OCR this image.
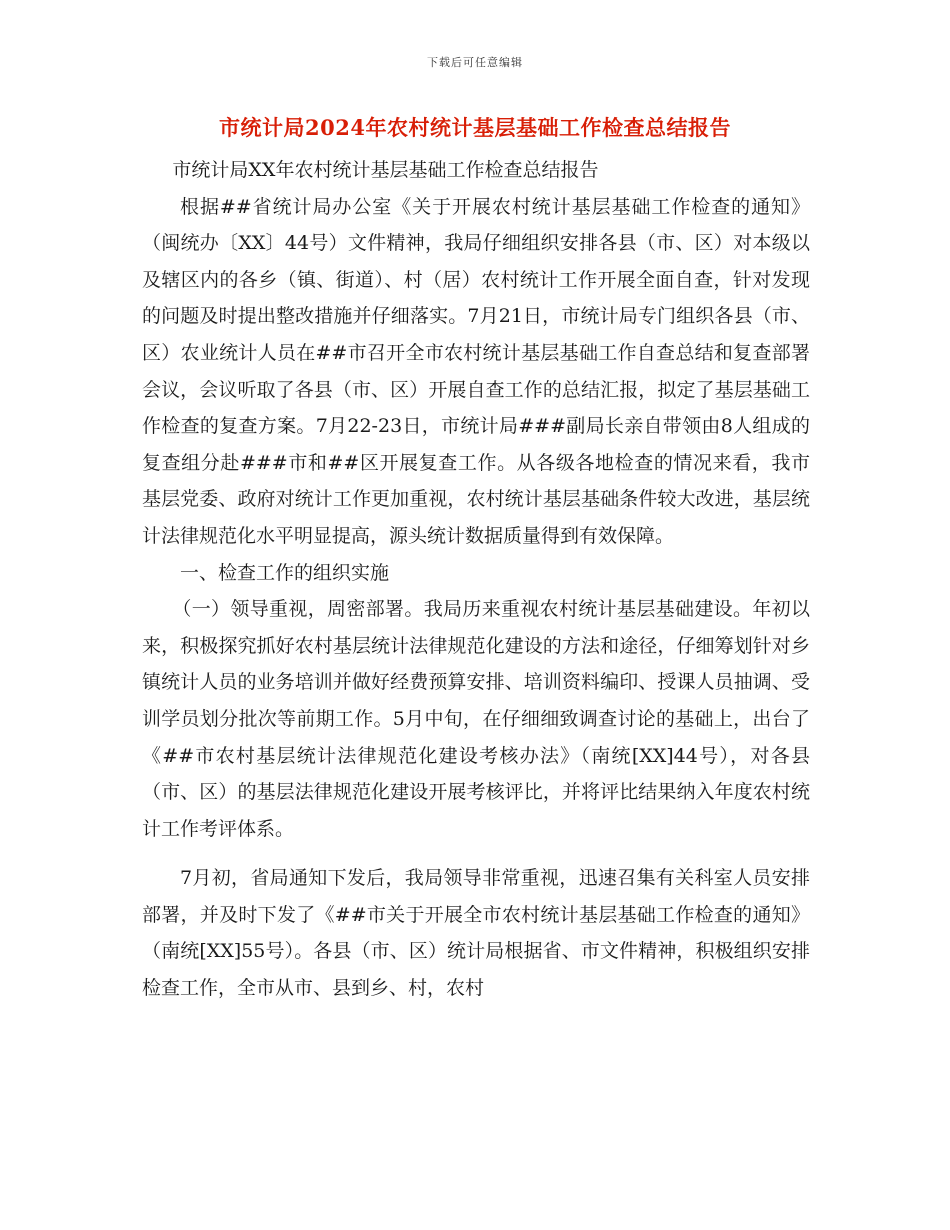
下载后可任意编辑
市统计局2024年农村统计基层基础工作检查总结报告

市统计局XX年农村统计基层基础工作检查总结报告

根据##省统计局办公室《关于开展农村统计基层基础工作检查的通知》（闽统办〔XX〕44号）文件精神，我局仔细组织安排各县（市、区）对本级以及辖区内的各乡（镇、街道）、村（居）农村统计工作开展全面自查，针对发现的问题及时提出整改措施并仔细落实。7月21日，市统计局专门组织各县（市、区）农业统计人员在##市召开全市农村统计基层基础工作自查总结和复查部署会议，会议听取了各县（市、区）开展自查工作的总结汇报，拟定了基层基础工作检查的复查方案。7月22-23日，市统计局###副局长亲自带领由8人组成的复查组分赴###市和##区开展复查工作。从各级各地检查的情况来看，我市基层党委、政府对统计工作更加重视，农村统计基层基础条件较大改进，基层统计法律规范化水平明显提高，源头统计数据质量得到有效保障。

一、检查工作的组织实施

（一）领导重视，周密部署。我局历来重视农村统计基层基础建设。年初以来，积极探究抓好农村基层统计法律规范化建设的方法和途径，仔细筹划针对乡镇统计人员的业务培训并做好经费预算安排、培训资料编印、授课人员抽调、受训学员划分批次等前期工作。5月中旬，在仔细细致调查讨论的基础上，出台了《##市农村基层统计法律规范化建设考核办法》（南统[XX]44号），对各县（市、区）的基层法律规范化建设开展考核评比，并将评比结果纳入年度农村统计工作考评体系。

7月初，省局通知下发后，我局领导非常重视，迅速召集有关科室人员安排部署，并及时下发了《##市关于开展全市农村统计基层基础工作检查的通知》（南统[XX]55号）。各县（市、区）统计局根据省、市文件精神，积极组织安排检查工作，全市从市、县到乡、村，农村
